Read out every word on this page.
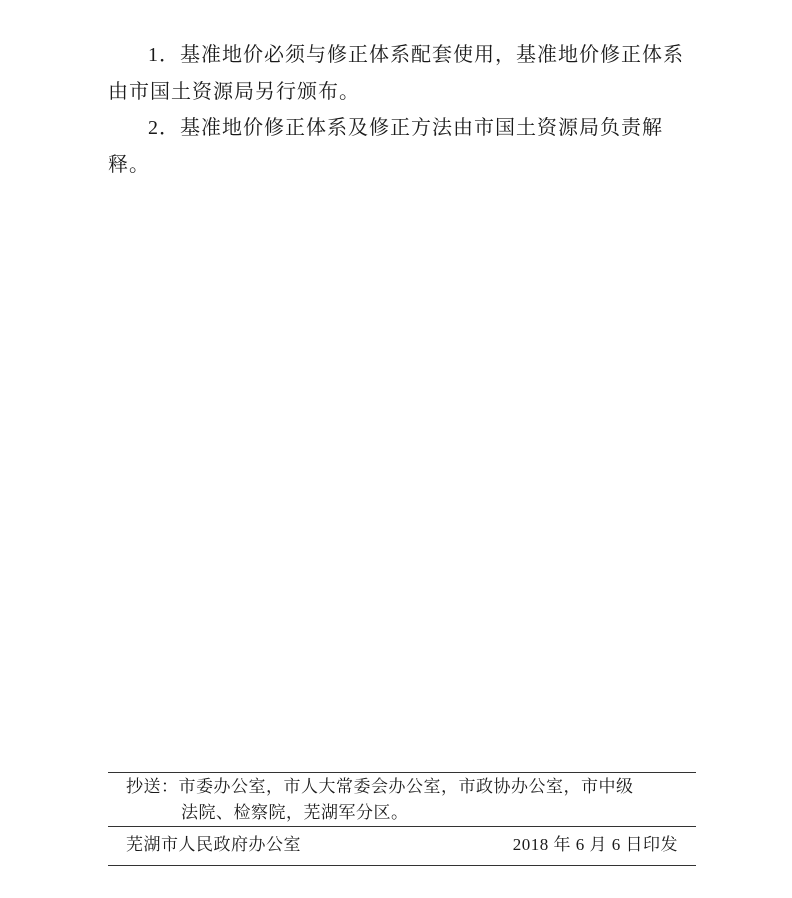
1．基准地价必须与修正体系配套使用，基准地价修正体系由市国土资源局另行颁布。

2．基准地价修正体系及修正方法由市国土资源局负责解释。

抄送：市委办公室，市人大常委会办公室，市政协办公室，市中级
法院、检察院，芜湖军分区。
芜湖市人民政府办公室	2018 年 6 月 6 日印发
